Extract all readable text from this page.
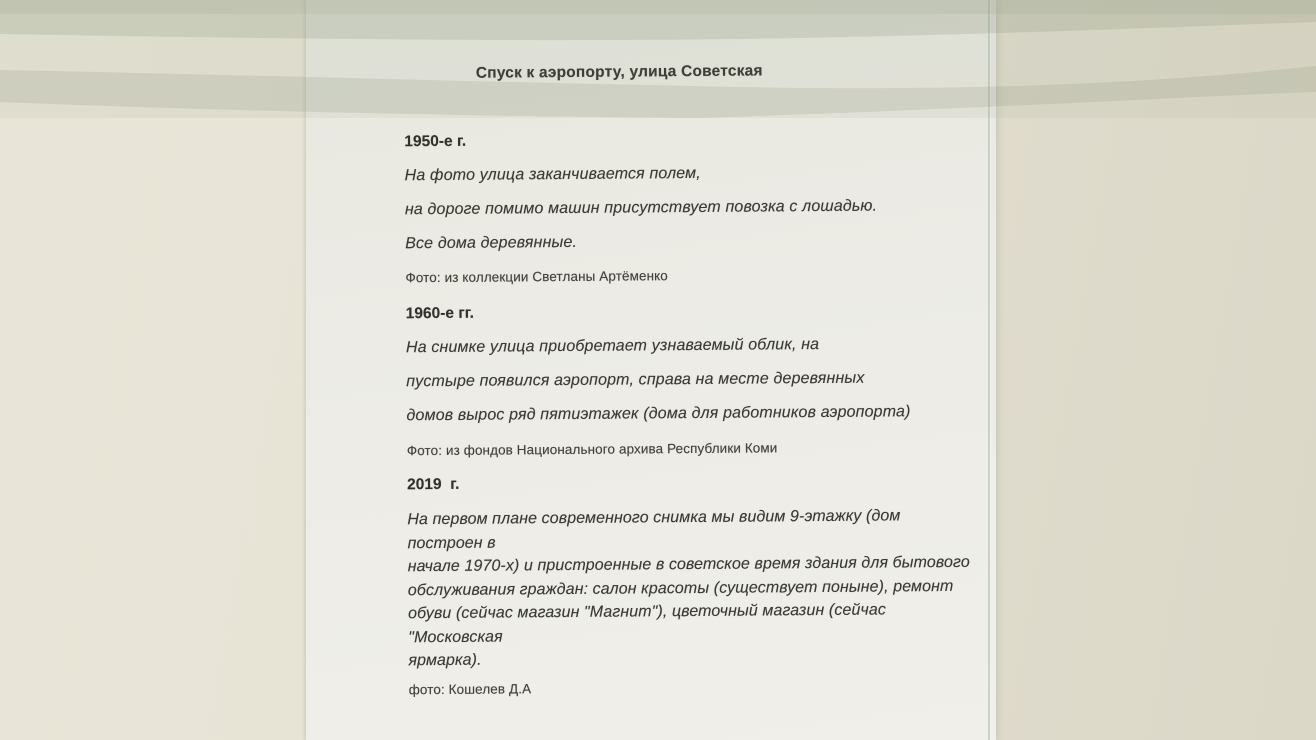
Спуск к аэропорту, улица Советская

1950-е г.

На фото улица заканчивается полем,

на дороге помимо машин присутствует повозка с лошадью.

Все дома деревянные.

Фото: из коллекции Светланы Артёменко

1960-е гг.

На снимке улица приобретает узнаваемый облик, на

пустыре появился аэропорт, справа на месте деревянных

домов вырос ряд пятиэтажек (дома для работников аэропорта)

Фото: из фондов Национального архива Республики Коми

2019  г.

На первом плане современного снимка мы видим 9-этажку (дом построен в

начале 1970-х) и пристроенные в советское время здания для бытового

обслуживания граждан: салон красоты (существует поныне), ремонт

обуви (сейчас магазин "Магнит"), цветочный магазин (сейчас "Московская

ярмарка).

фото: Кошелев Д.А
